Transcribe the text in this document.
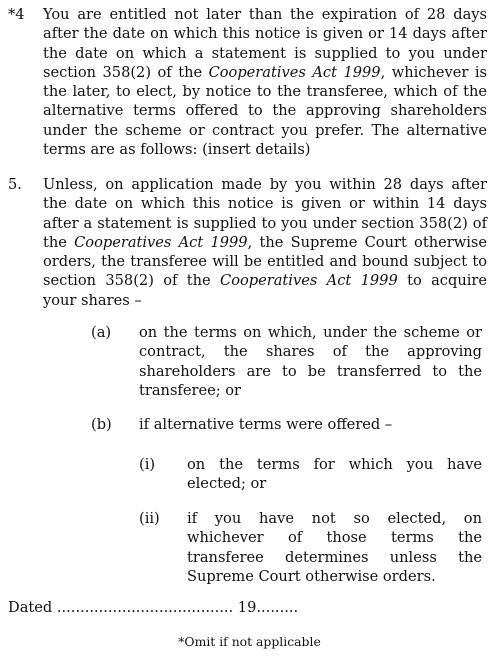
*4 You are entitled not later than the expiration of 28 days after the date on which this notice is given or 14 days after the date on which a statement is supplied to you under section 358(2) of the Cooperatives Act 1999, whichever is the later, to elect, by notice to the transferee, which of the alternative terms offered to the approving shareholders under the scheme or contract you prefer. The alternative terms are as follows: (insert details)
5. Unless, on application made by you within 28 days after the date on which this notice is given or within 14 days after a statement is supplied to you under section 358(2) of the Cooperatives Act 1999, the Supreme Court otherwise orders, the transferee will be entitled and bound subject to section 358(2) of the Cooperatives Act 1999 to acquire your shares –
(a) on the terms on which, under the scheme or contract, the shares of the approving shareholders are to be transferred to the transferee; or
(b) if alternative terms were offered –
(i) on the terms for which you have elected; or
(ii) if you have not so elected, on whichever of those terms the transferee determines unless the Supreme Court otherwise orders.
Dated ...................................... 19.........
*Omit if not applicable
